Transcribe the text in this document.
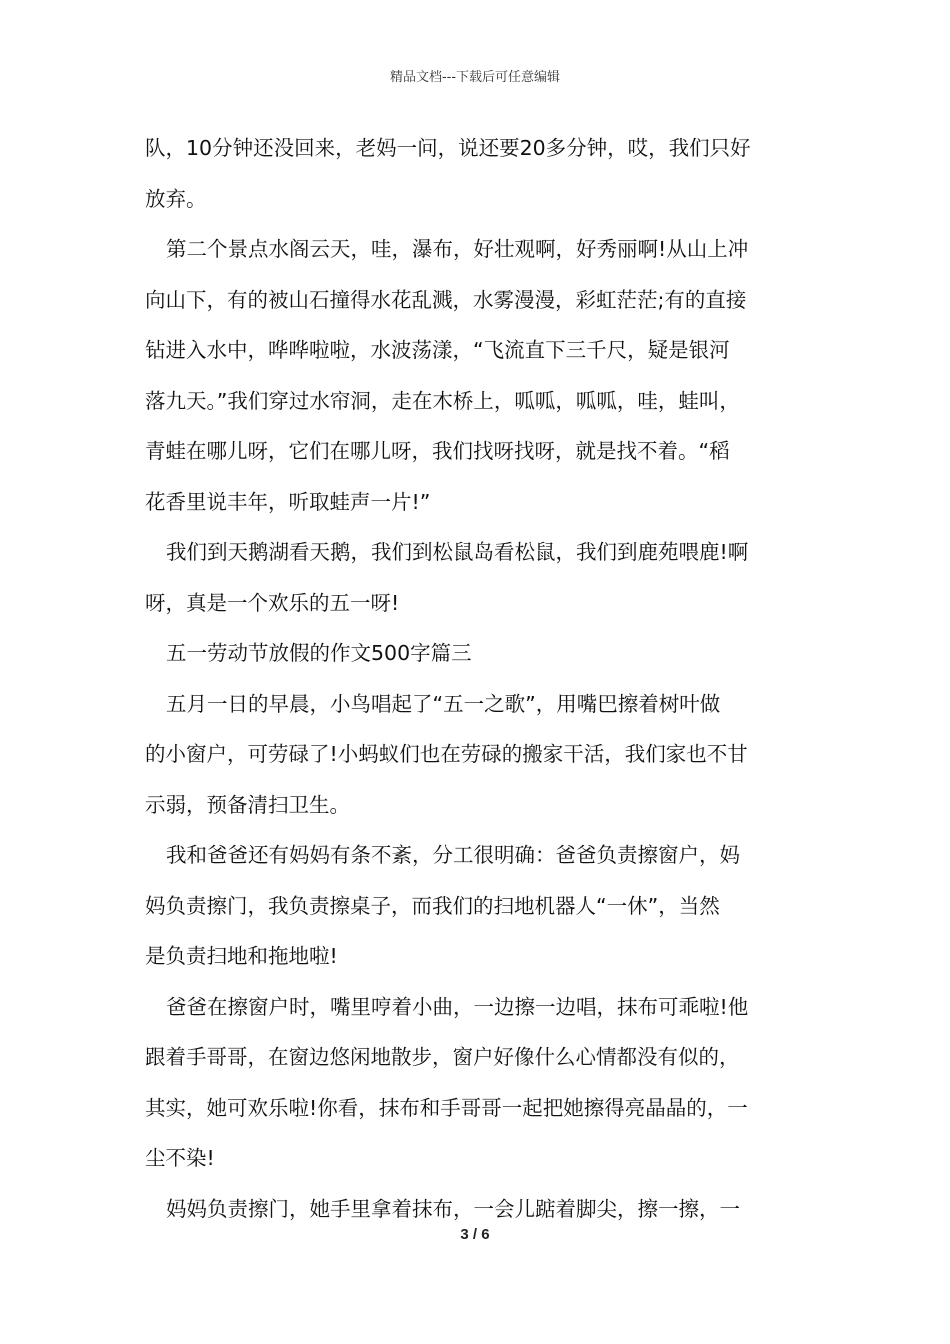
精品文档---下载后可任意编辑
队，10分钟还没回来，老妈一问，说还要20多分钟，哎，我们只好
放弃。
第二个景点水阁云天，哇，瀑布，好壮观啊，好秀丽啊!从山上冲
向山下，有的被山石撞得水花乱溅，水雾漫漫，彩虹茫茫;有的直接
钻进入水中，哗哗啦啦，水波荡漾，“飞流直下三千尺，疑是银河
落九天。”我们穿过水帘洞，走在木桥上，呱呱，呱呱，哇，蛙叫，
青蛙在哪儿呀，它们在哪儿呀，我们找呀找呀，就是找不着。“稻
花香里说丰年，听取蛙声一片!”
我们到天鹅湖看天鹅，我们到松鼠岛看松鼠，我们到鹿苑喂鹿!啊
呀，真是一个欢乐的五一呀!
五一劳动节放假的作文500字篇三
五月一日的早晨，小鸟唱起了“五一之歌”，用嘴巴擦着树叶做
的小窗户，可劳碌了!小蚂蚁们也在劳碌的搬家干活，我们家也不甘
示弱，预备清扫卫生。
我和爸爸还有妈妈有条不紊，分工很明确：爸爸负责擦窗户，妈
妈负责擦门，我负责擦桌子，而我们的扫地机器人“一休”，当然
是负责扫地和拖地啦!
爸爸在擦窗户时，嘴里哼着小曲，一边擦一边唱，抹布可乖啦!他
跟着手哥哥，在窗边悠闲地散步，窗户好像什么心情都没有似的，
其实，她可欢乐啦!你看，抹布和手哥哥一起把她擦得亮晶晶的，一
尘不染!
妈妈负责擦门，她手里拿着抹布，一会儿踮着脚尖，擦一擦，一
3 / 6
